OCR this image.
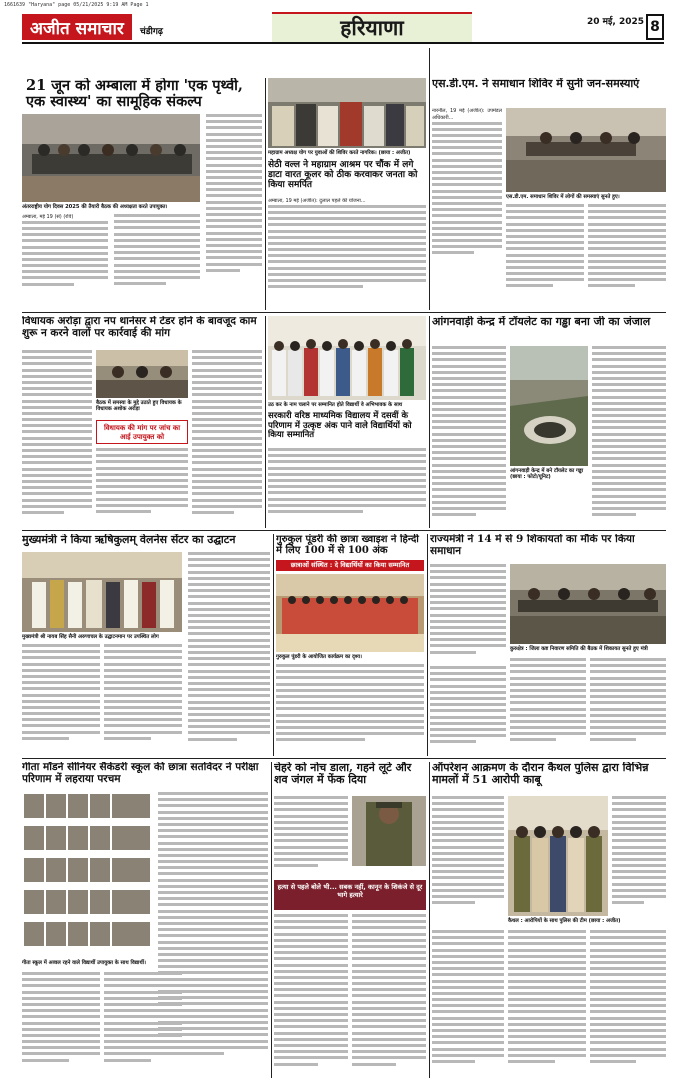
1661639 "Haryana" page 05/21/2025 9:19 AM Page 1
अजीत समाचार	चंडीगढ़	हरियाणा	20 मई, 2025 8
21 जून को अम्बाला में होगा 'एक पृथ्वी, एक स्वास्थ्य' का सामूहिक संकल्प
अंतरराष्ट्रीय योग दिवस 2025 की तैयारी बैठक की अध्यक्षता करते उपायुक्त।
अम्बाला, मई 19 (सं) (रवि)
महाग्राम अध्यक्ष योग पर युवाओं की शिविर करते नागरिक। (छाया : अजीत)
सेठी वल्ल ने महाग्राम आश्रम पर चौंक में लगे डाटा वारत कूलर को ठीक करवाकर जनता को किया समर्पित
अम्बाला, 19 मई (अजीत): दुलाल पहले की योजना...
एस.डी.एम. ने समाधान शिविर में सुनी जन-समस्याएं
नारनौल, 19 मई (अजीत): उपमंडल अधिकारी...
एस.डी.एम. समाधान शिविर में लोगों की समस्याएं सुनते हुए।
विधायक अरोड़ा द्वारा नप थानेसर में टेंडर होने के बावजूद काम शुरू न करने वालों पर कार्रवाई की मांग
बैठक में समस्या के मुद्दे उठाते हुए विधायक के विधायक अशोक अरोड़ा
विधायक की मांग पर जांच का आई उपायुक्त को
उठ कर के नाम चलाने पर सम्मानित होते विद्यार्थी वे अभिभावक के साथ
सरकारी वरिष्ठ माध्यमिक विद्यालय में दसवीं के परिणाम में उत्कृष्ट अंक पाने वाले विद्यार्थियों को किया सम्मानित
आंगनवाड़ी केन्द्र में टॉयलेट का गड्ढा बना जी का जंजाल
आंगनवाड़ी केन्द्र में बने टॉयलेट का गड्ढा (छाया : फोटो/यूनिट)
मुख्यमंत्री ने किया ऋषिकुलम् वेलनेस सेंटर का उद्घाटन
मुख्यमंत्री श्री नायब सिंह सैनी अरुणाचल के उद्घाटनमान पर उपस्थित लोग
गुरुकुल पूंडरी की छात्रा ख्वाइश ने हिन्दी में लिए 100 में से 100 अंक
छात्राओं संस्थित : दे विद्यार्थियों का किया सम्मानित
गुरुकुल पूंडरी के आयोजित कार्यक्रम का दृश्य।
राज्यमंत्री ने 14 में से 9 शिकायतों का मौके पर किया समाधान
कुरुक्षेत्र : जिला कष्ट निवारण समिति की बैठक में शिकायत सुनते हुए मंत्री
गीता मॉडर्न सीनियर सैकेंडरी स्कूल की छात्रा सतविंदर ने परीक्षा परिणाम में लहराया परचम
गीता स्कूल में अव्वल रहने वाले विद्यार्थी उपायुक्त के साथ विद्यार्थी।
चेहरे को नोच डाला, गहने लूटे और शव जंगल में फेंक दिया
हत्या से पहले बोले भी... सबक नहीं, कानून के शिकंजे से दूर भागे हत्यारे
ऑपरेशन आक्रमण के दौरान कैथल पुलिस द्वारा विभिन्न मामलों में 51 आरोपी काबू
कैथल : आरोपियों के साथ पुलिस की टीम (छाया : अजीत)
